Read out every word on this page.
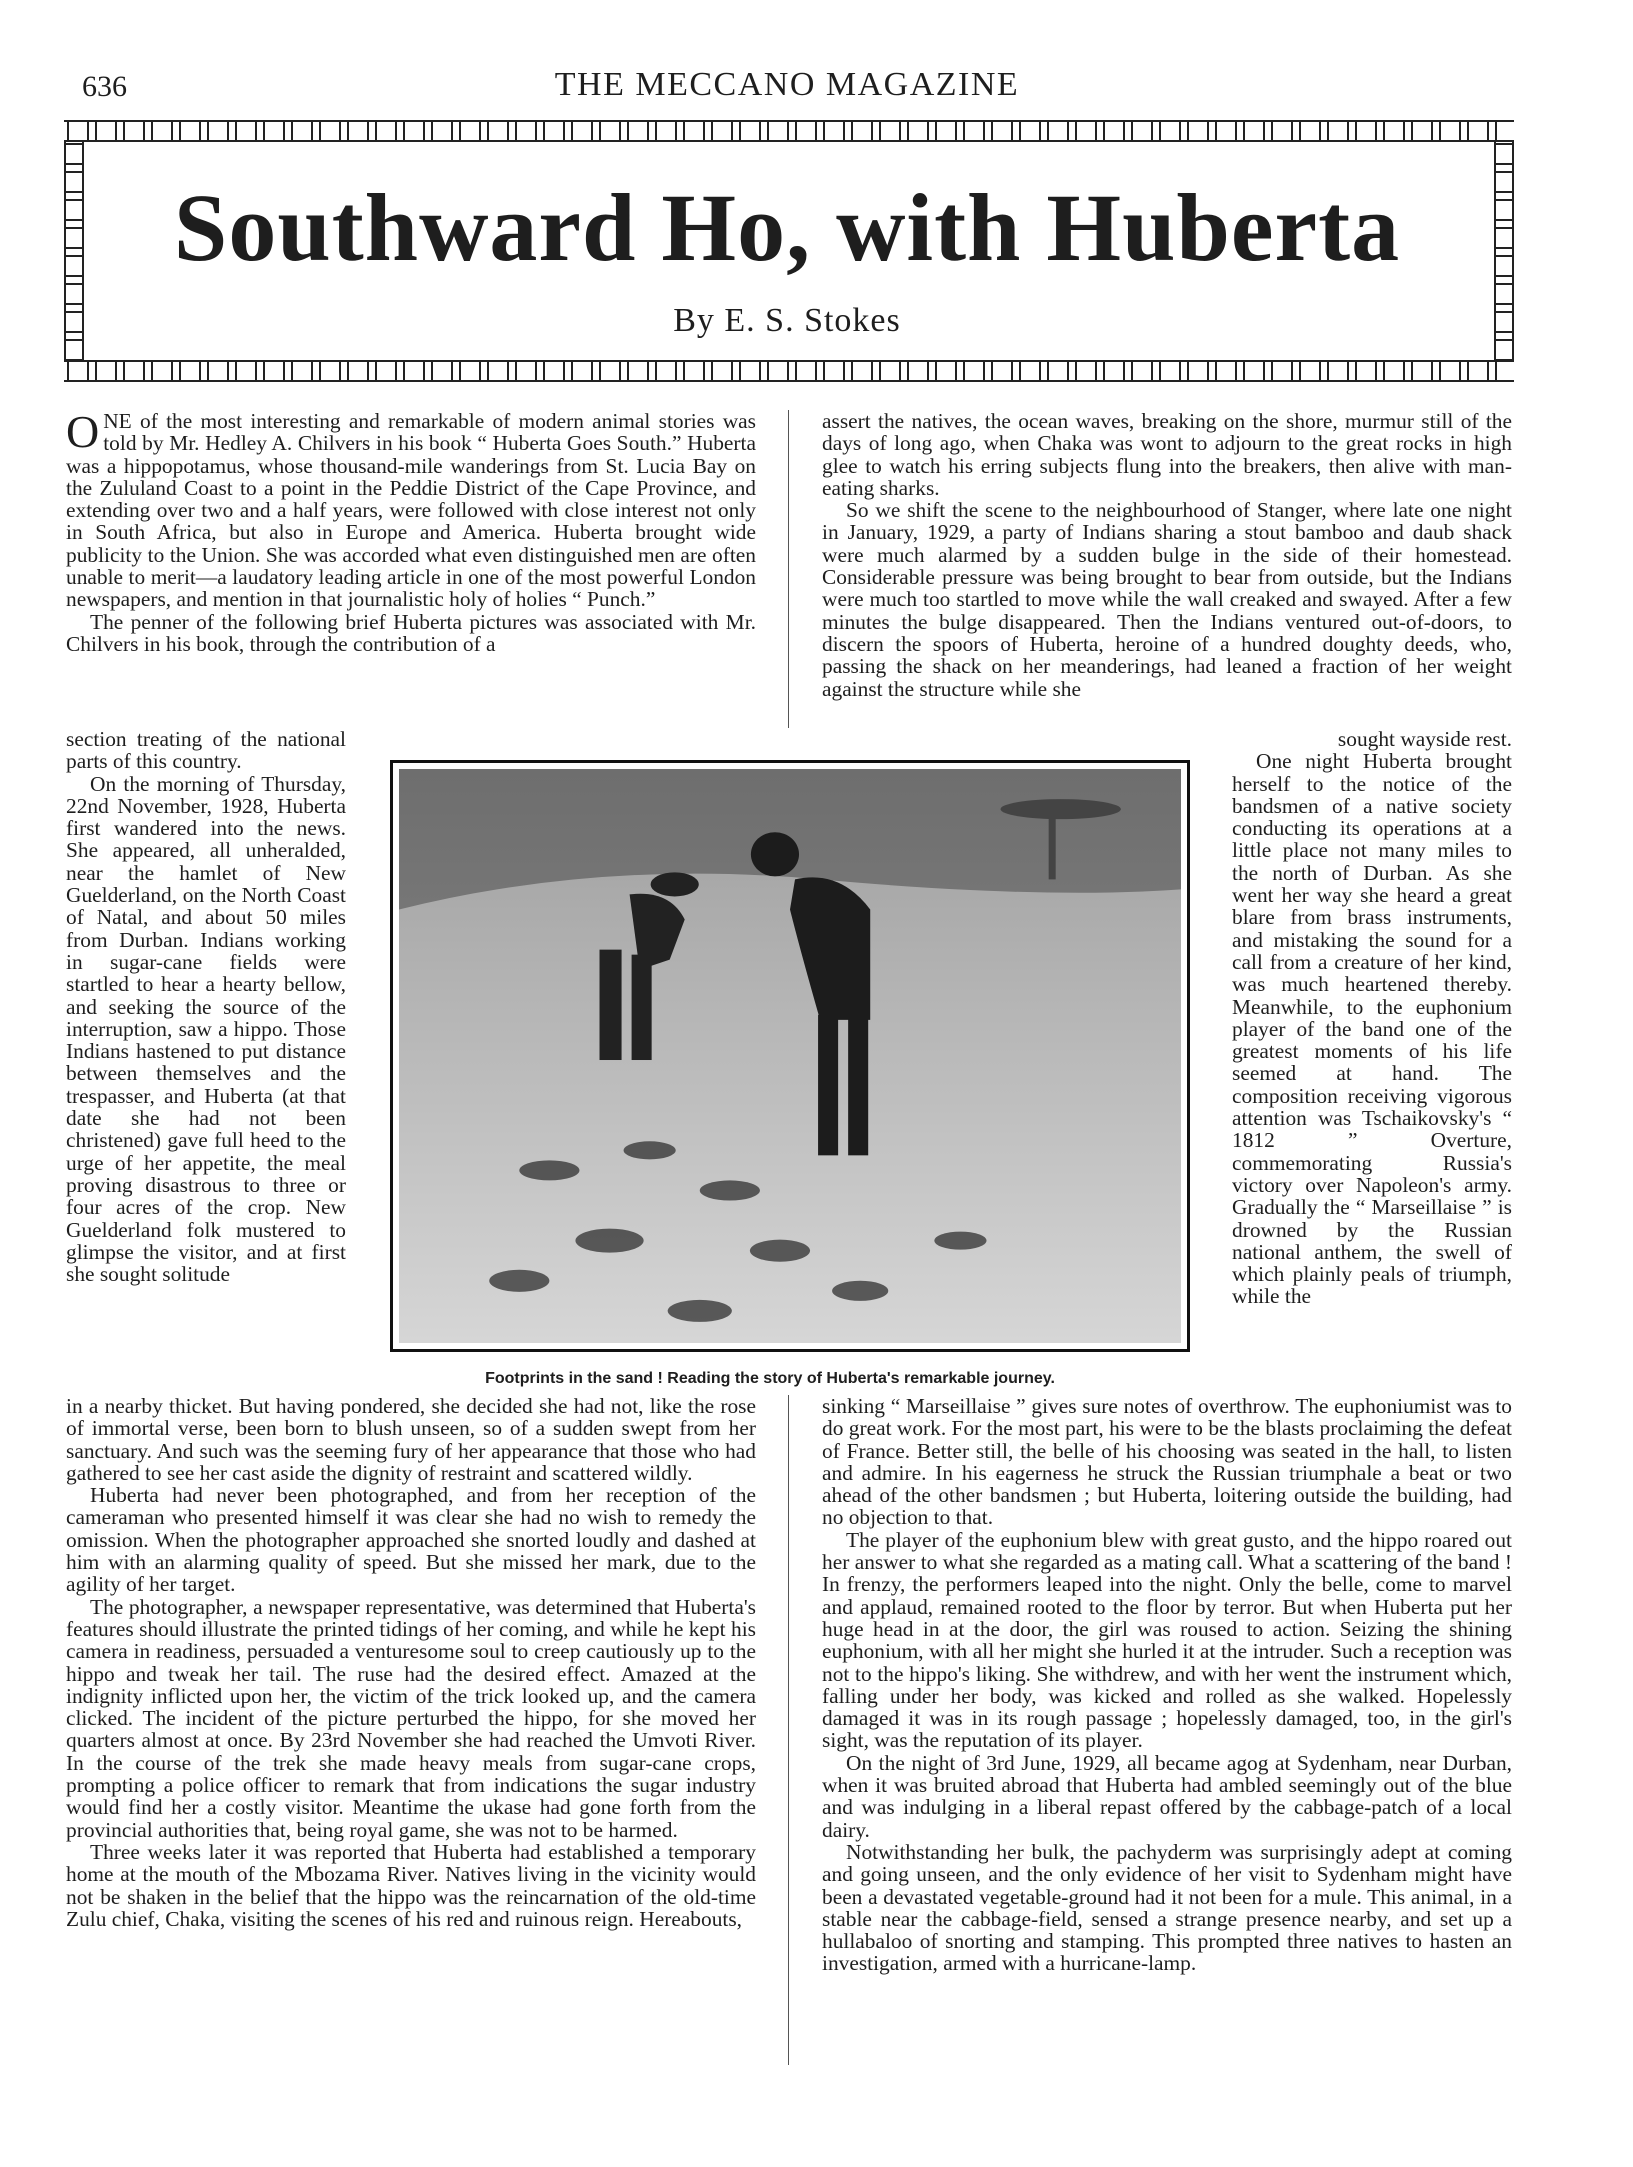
636	THE MECCANO MAGAZINE
Southward Ho, with Huberta
By E. S. Stokes

ONE of the most interesting and remarkable of modern animal stories was told by Mr. Hedley A. Chilvers in his book “ Huberta Goes South.” Huberta was a hippopotamus, whose thousand-mile wanderings from St. Lucia Bay on the Zululand Coast to a point in the Peddie District of the Cape Province, and extending over two and a half years, were followed with close interest not only in South Africa, but also in Europe and America. Huberta brought wide publicity to the Union. She was accorded what even distinguished men are often unable to merit—a laudatory leading article in one of the most powerful London newspapers, and mention in that journalistic holy of holies “ Punch.”

The penner of the following brief Huberta pictures was associated with Mr. Chilvers in his book, through the contribution of a

section treating of the national parts of this country.

On the morning of Thursday, 22nd November, 1928, Huberta first wandered into the news. She appeared, all unheralded, near the hamlet of New Guelderland, on the North Coast of Natal, and about 50 miles from Durban. Indians working in sugar-cane fields were startled to hear a hearty bellow, and seeking the source of the interruption, saw a hippo. Those Indians hastened to put distance between themselves and the trespasser, and Huberta (at that date she had not been christened) gave full heed to the urge of her appetite, the meal proving disastrous to three or four acres of the crop. New Guelderland folk mustered to glimpse the visitor, and at first she sought solitude

in a nearby thicket. But having pondered, she decided she had not, like the rose of immortal verse, been born to blush unseen, so of a sudden swept from her sanctuary. And such was the seeming fury of her appearance that those who had gathered to see her cast aside the dignity of restraint and scattered wildly.

Huberta had never been photographed, and from her reception of the cameraman who presented himself it was clear she had no wish to remedy the omission. When the photographer approached she snorted loudly and dashed at him with an alarming quality of speed. But she missed her mark, due to the agility of her target.

The photographer, a newspaper representative, was determined that Huberta's features should illustrate the printed tidings of her coming, and while he kept his camera in readiness, persuaded a venturesome soul to creep cautiously up to the hippo and tweak her tail. The ruse had the desired effect. Amazed at the indignity inflicted upon her, the victim of the trick looked up, and the camera clicked. The incident of the picture perturbed the hippo, for she moved her quarters almost at once. By 23rd November she had reached the Umvoti River. In the course of the trek she made heavy meals from sugar-cane crops, prompting a police officer to remark that from indications the sugar industry would find her a costly visitor. Meantime the ukase had gone forth from the provincial authorities that, being royal game, she was not to be harmed.

Three weeks later it was reported that Huberta had established a temporary home at the mouth of the Mbozama River. Natives living in the vicinity would not be shaken in the belief that the hippo was the reincarnation of the old-time Zulu chief, Chaka, visiting the scenes of his red and ruinous reign. Hereabouts,

assert the natives, the ocean waves, breaking on the shore, murmur still of the days of long ago, when Chaka was wont to adjourn to the great rocks in high glee to watch his erring subjects flung into the breakers, then alive with man-eating sharks.

So we shift the scene to the neighbourhood of Stanger, where late one night in January, 1929, a party of Indians sharing a stout bamboo and daub shack were much alarmed by a sudden bulge in the side of their homestead. Considerable pressure was being brought to bear from outside, but the Indians were much too startled to move while the wall creaked and swayed. After a few minutes the bulge disappeared. Then the Indians ventured out-of-doors, to discern the spoors of Huberta, heroine of a hundred doughty deeds, who, passing the shack on her meanderings, had leaned a fraction of her weight against the structure while she

sought wayside rest.

One night Huberta brought herself to the notice of the bandsmen of a native society conducting its operations at a little place not many miles to the north of Durban. As she went her way she heard a great blare from brass instruments, and mistaking the sound for a call from a creature of her kind, was much heartened thereby. Meanwhile, to the euphonium player of the band one of the greatest moments of his life seemed at hand. The composition receiving vigorous attention was Tschaikovsky's “ 1812 ” Overture, commemorating Russia's victory over Napoleon's army. Gradually the “ Marseillaise ” is drowned by the Russian national anthem, the swell of which plainly peals of triumph, while the

sinking “ Marseillaise ” gives sure notes of overthrow. The euphoniumist was to do great work. For the most part, his were to be the blasts proclaiming the defeat of France. Better still, the belle of his choosing was seated in the hall, to listen and admire. In his eagerness he struck the Russian triumphale a beat or two ahead of the other bandsmen ; but Huberta, loitering outside the building, had no objection to that.

The player of the euphonium blew with great gusto, and the hippo roared out her answer to what she regarded as a mating call. What a scattering of the band ! In frenzy, the performers leaped into the night. Only the belle, come to marvel and applaud, remained rooted to the floor by terror. But when Huberta put her huge head in at the door, the girl was roused to action. Seizing the shining euphonium, with all her might she hurled it at the intruder. Such a reception was not to the hippo's liking. She withdrew, and with her went the instrument which, falling under her body, was kicked and rolled as she walked. Hopelessly damaged it was in its rough passage ; hopelessly damaged, too, in the girl's sight, was the reputation of its player.

On the night of 3rd June, 1929, all became agog at Sydenham, near Durban, when it was bruited abroad that Huberta had ambled seemingly out of the blue and was indulging in a liberal repast offered by the cabbage-patch of a local dairy.

Notwithstanding her bulk, the pachyderm was surprisingly adept at coming and going unseen, and the only evidence of her visit to Sydenham might have been a devastated vegetable-ground had it not been for a mule. This animal, in a stable near the cabbage-field, sensed a strange presence nearby, and set up a hullabaloo of snorting and stamping. This prompted three natives to hasten an investigation, armed with a hurricane-lamp.

Footprints in the sand ! Reading the story of Huberta's remarkable journey.
